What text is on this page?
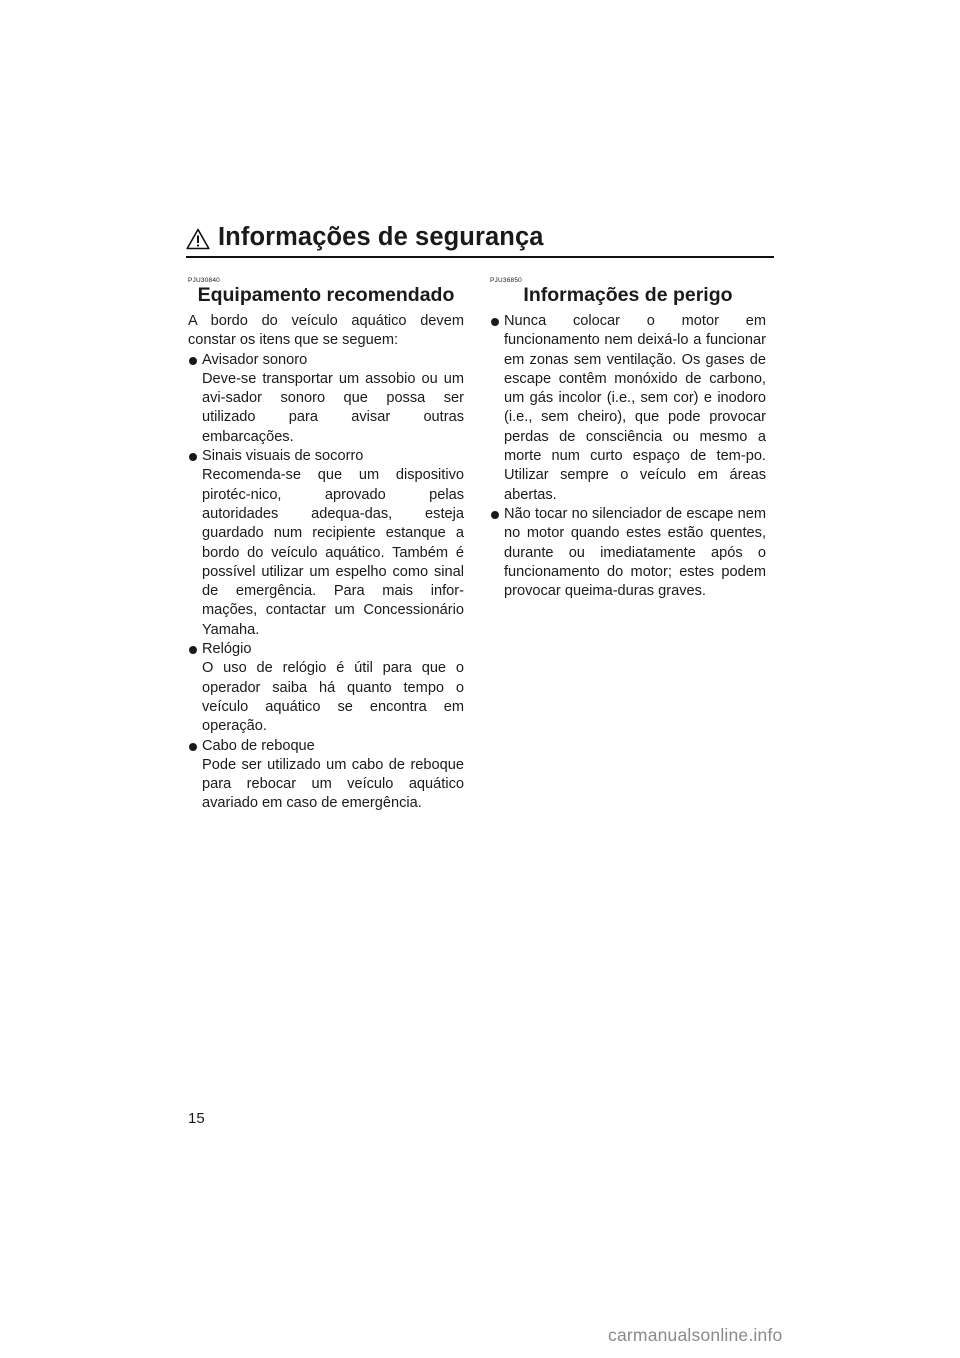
Informações de segurança
PJU30840
Equipamento recomendado

A bordo do veículo aquático devem constar os itens que se seguem:

Avisador sonoro
Deve-se transportar um assobio ou um avi-sador sonoro que possa ser utilizado para avisar outras embarcações.
Sinais visuais de socorro
Recomenda-se que um dispositivo pirotéc-nico, aprovado pelas autoridades adequa-das, esteja guardado num recipiente estanque a bordo do veículo aquático. Também é possível utilizar um espelho como sinal de emergência. Para mais infor-mações, contactar um Concessionário Yamaha.
Relógio
O uso de relógio é útil para que o operador saiba há quanto tempo o veículo aquático se encontra em operação.
Cabo de reboque
Pode ser utilizado um cabo de reboque para rebocar um veículo aquático avariado em caso de emergência.
PJU36850
Informações de perigo
Nunca colocar o motor em funcionamento nem deixá-lo a funcionar em zonas sem ventilação. Os gases de escape contêm monóxido de carbono, um gás incolor (i.e., sem cor) e inodoro (i.e., sem cheiro), que pode provocar perdas de consciência ou mesmo a morte num curto espaço de tem-po. Utilizar sempre o veículo em áreas abertas.
Não tocar no silenciador de escape nem no motor quando estes estão quentes, durante ou imediatamente após o funcionamento do motor; estes podem provocar queima-duras graves.
15
carmanualsonline.info
